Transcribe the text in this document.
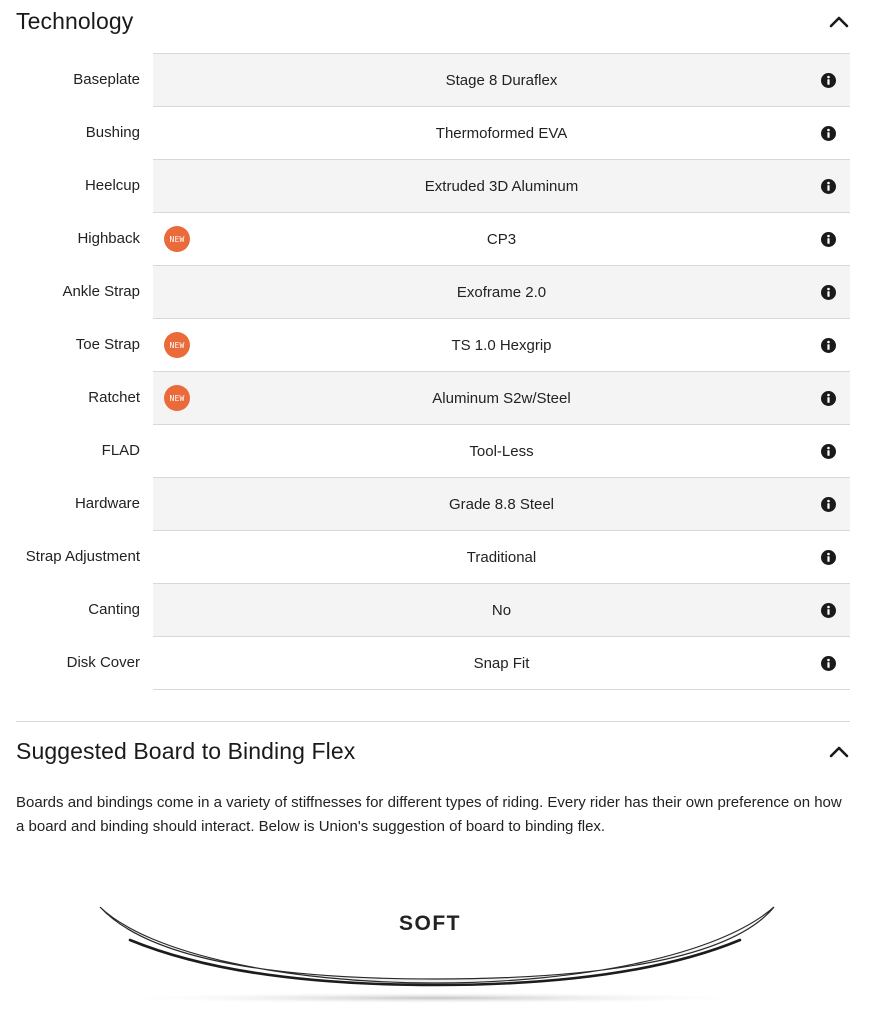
Technology
Baseplate	Stage 8 Duraflex
Bushing	Thermoformed EVA
Heelcup	Extruded 3D Aluminum
Highback	NEW	CP3
Ankle Strap	Exoframe 2.0
Toe Strap	NEW	TS 1.0 Hexgrip
Ratchet	NEW	Aluminum S2w/Steel
FLAD	Tool-Less
Hardware	Grade 8.8 Steel
Strap Adjustment	Traditional
Canting	No
Disk Cover	Snap Fit
Suggested Board to Binding Flex

Boards and bindings come in a variety of stiffnesses for different types of riding. Every rider has their own preference on how a board and binding should interact. Below is Union's suggestion of board to binding flex.

SOFT
